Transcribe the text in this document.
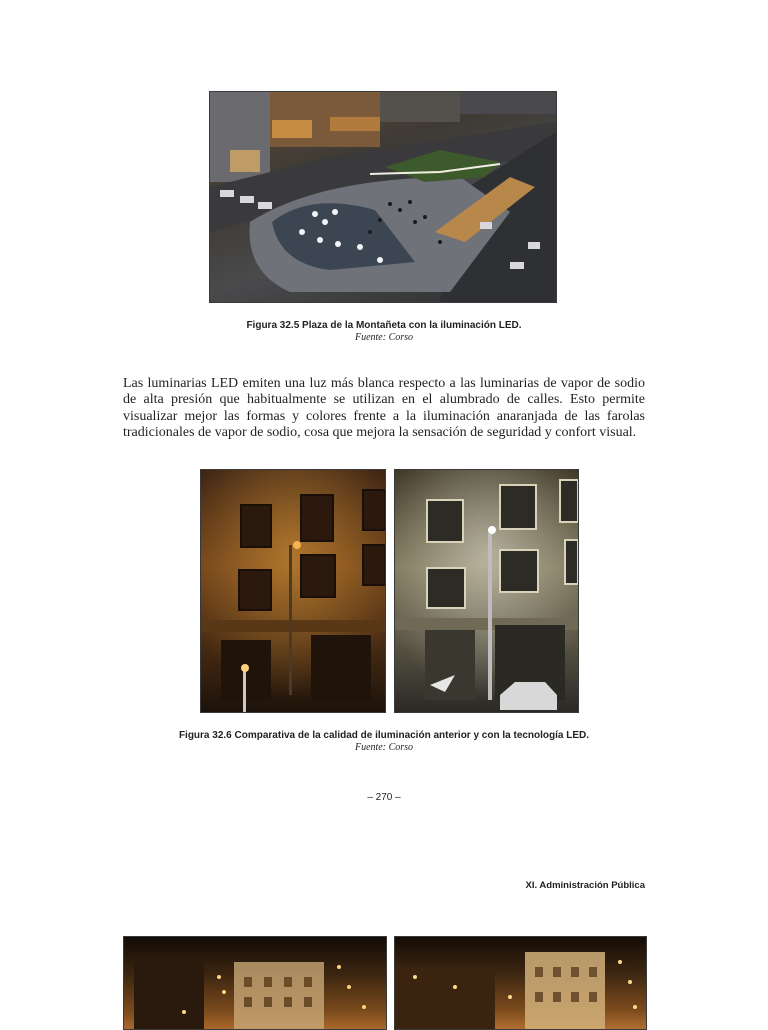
Figura 32.5 Plaza de la Montañeta con la iluminación LED.
Fuente: Corso

Las luminarias LED emiten una luz más blanca respecto a las luminarias de vapor de sodio de alta presión que habitualmente se utilizan en el alumbrado de calles. Esto permite visualizar mejor las formas y colores frente a la iluminación anaranjada de las farolas tradicionales de vapor de sodio, cosa que mejora la sensación de seguridad y confort visual.

Figura 32.6 Comparativa de la calidad de iluminación anterior y con la tecnología LED.
Fuente: Corso
– 270 –
XI. Administración Pública
